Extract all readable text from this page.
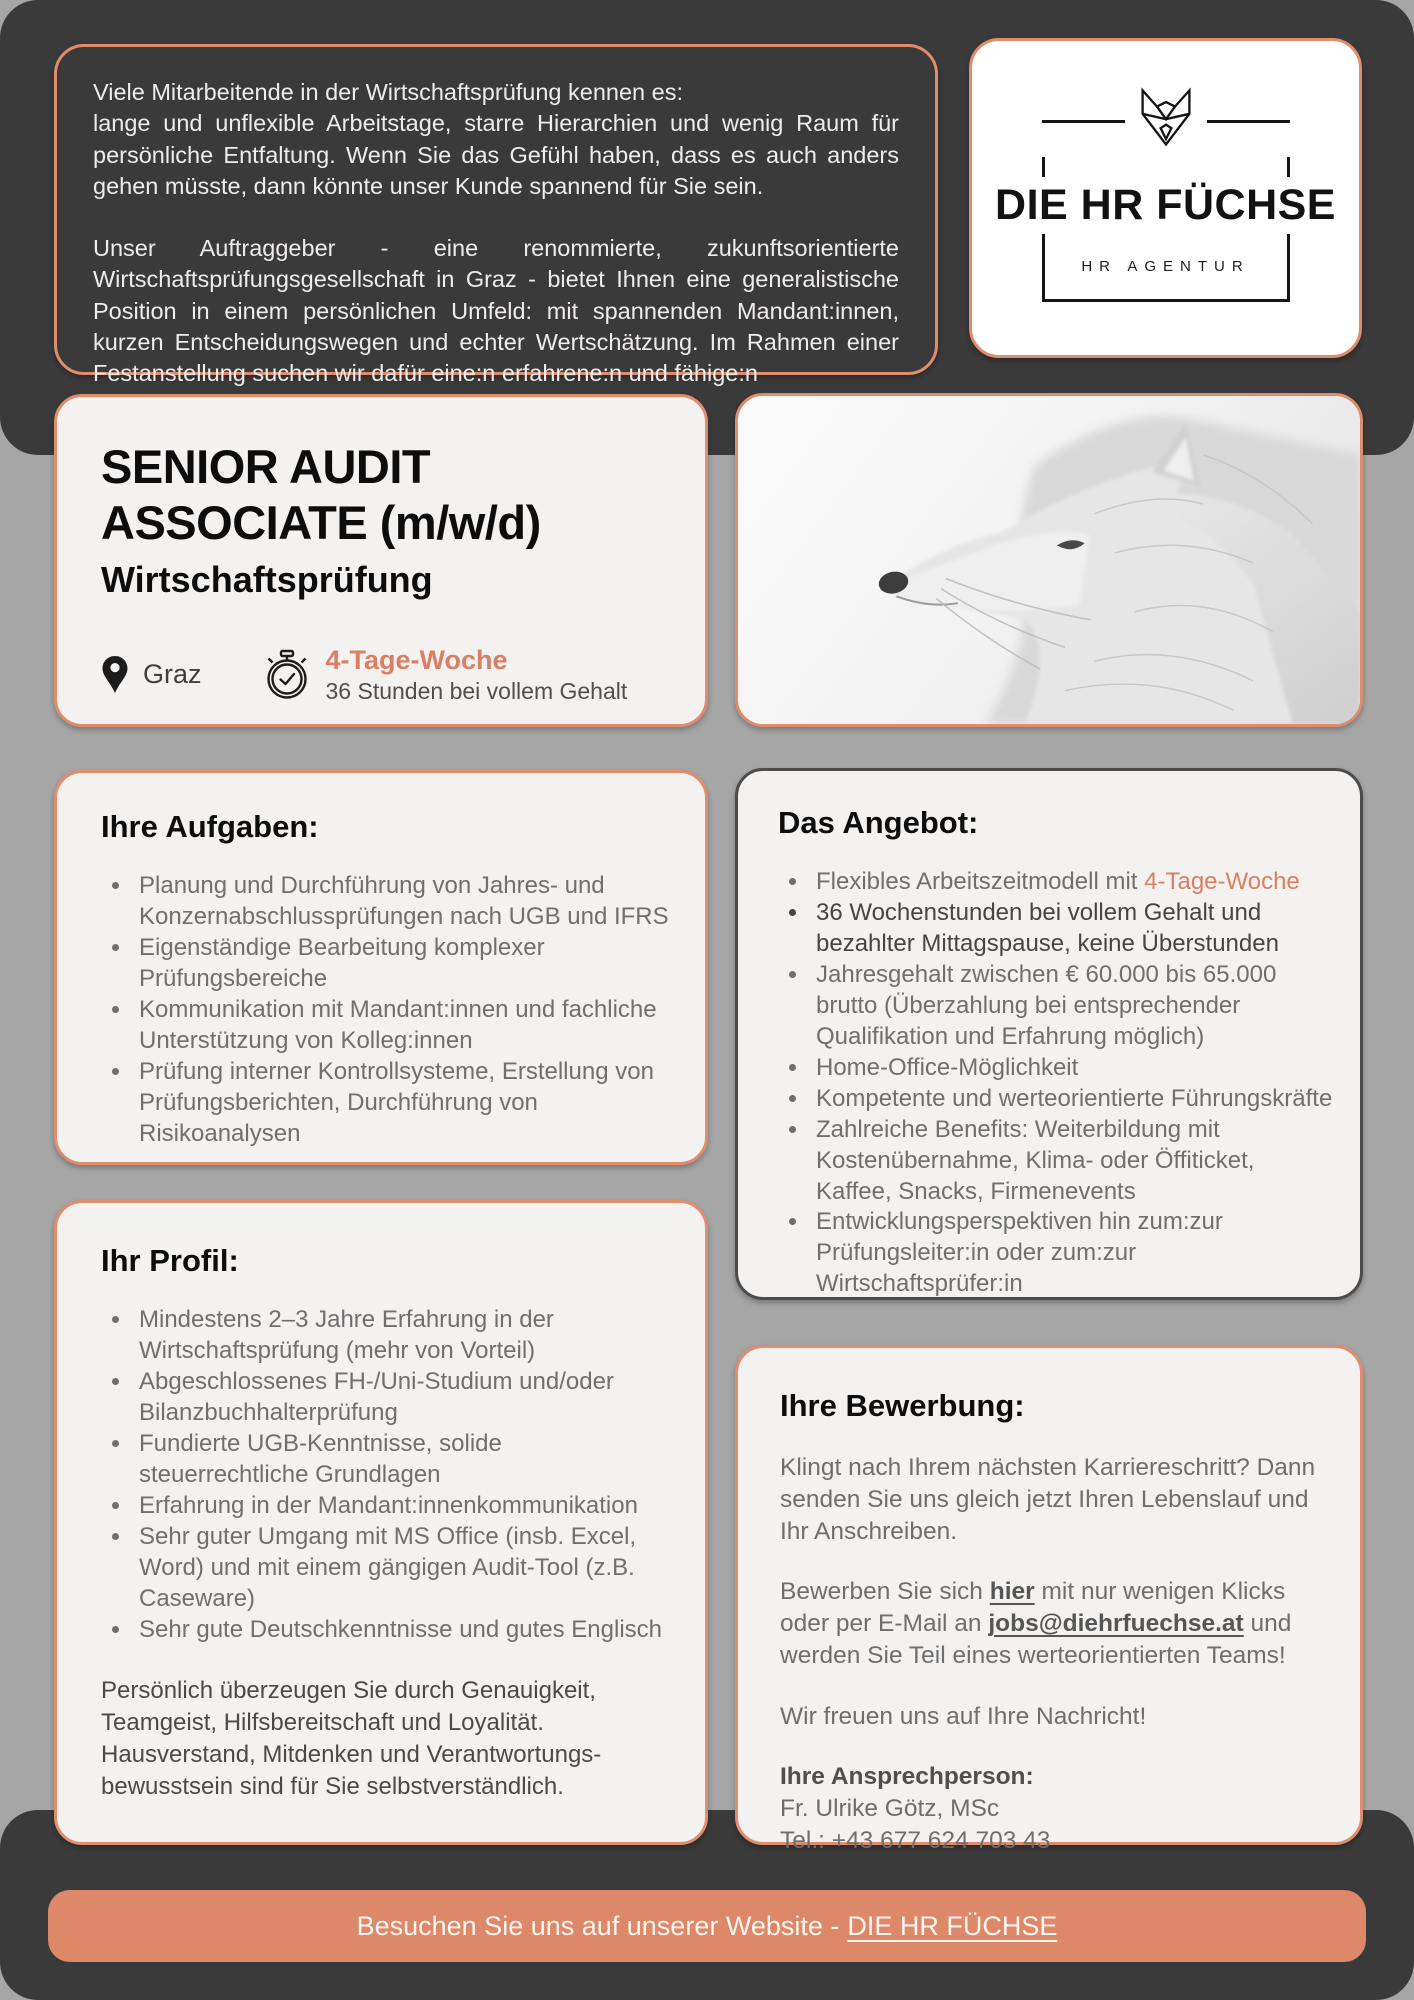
Viele Mitarbeitende in der Wirtschaftsprüfung kennen es:
lange und unflexible Arbeitstage, starre Hierarchien und wenig Raum für persönliche Entfaltung. Wenn Sie das Gefühl haben, dass es auch anders gehen müsste, dann könnte unser Kunde spannend für Sie sein.
Unser Auftraggeber - eine renommierte, zukunftsorientierte Wirtschaftsprüfungsgesellschaft in Graz - bietet Ihnen eine generalistische Position in einem persönlichen Umfeld: mit spannenden Mandant:innen, kurzen Entscheidungswegen und echter Wertschätzung. Im Rahmen einer Festanstellung suchen wir dafür eine:n erfahrene:n und fähige:n
DIE HR FÜCHSE
HR AGENTUR
SENIOR AUDIT
ASSOCIATE (m/w/d)
Wirtschaftsprüfung
Graz	4-Tage-Woche
36 Stunden bei vollem Gehalt
Ihre Aufgaben:
• Planung und Durchführung von Jahres- und Konzernabschlussprüfungen nach UGB und IFRS
• Eigenständige Bearbeitung komplexer Prüfungsbereiche
• Kommunikation mit Mandant:innen und fachliche Unterstützung von Kolleg:innen
• Prüfung interner Kontrollsysteme, Erstellung von Prüfungsberichten, Durchführung von Risikoanalysen
Ihr Profil:
• Mindestens 2–3 Jahre Erfahrung in der Wirtschaftsprüfung (mehr von Vorteil)
• Abgeschlossenes FH-/Uni-Studium und/oder Bilanzbuchhalterprüfung
• Fundierte UGB-Kenntnisse, solide steuerrechtliche Grundlagen
• Erfahrung in der Mandant:innenkommunikation
• Sehr guter Umgang mit MS Office (insb. Excel, Word) und mit einem gängigen Audit-Tool (z.B. Caseware)
• Sehr gute Deutschkenntnisse und gutes Englisch
Persönlich überzeugen Sie durch Genauigkeit, Teamgeist, Hilfsbereitschaft und Loyalität. Hausverstand, Mitdenken und Verantwortungs-bewusstsein sind für Sie selbstverständlich.
Das Angebot:
• Flexibles Arbeitszeitmodell mit 4-Tage-Woche
• 36 Wochenstunden bei vollem Gehalt und bezahlter Mittagspause, keine Überstunden
• Jahresgehalt zwischen € 60.000 bis 65.000 brutto (Überzahlung bei entsprechender Qualifikation und Erfahrung möglich)
• Home-Office-Möglichkeit
• Kompetente und werteorientierte Führungskräfte
• Zahlreiche Benefits: Weiterbildung mit Kostenübernahme, Klima- oder Öffiticket, Kaffee, Snacks, Firmenevents
• Entwicklungsperspektiven hin zum:zur Prüfungsleiter:in oder zum:zur Wirtschaftsprüfer:in
Ihre Bewerbung:
Klingt nach Ihrem nächsten Karriereschritt? Dann senden Sie uns gleich jetzt Ihren Lebenslauf und Ihr Anschreiben.
Bewerben Sie sich hier mit nur wenigen Klicks oder per E-Mail an jobs@diehrfuechse.at und werden Sie Teil eines werteorientierten Teams!
Wir freuen uns auf Ihre Nachricht!
Ihre Ansprechperson:
Fr. Ulrike Götz, MSc
Tel.: +43 677 624 703 43
Besuchen Sie uns auf unserer Website - DIE HR FÜCHSE
